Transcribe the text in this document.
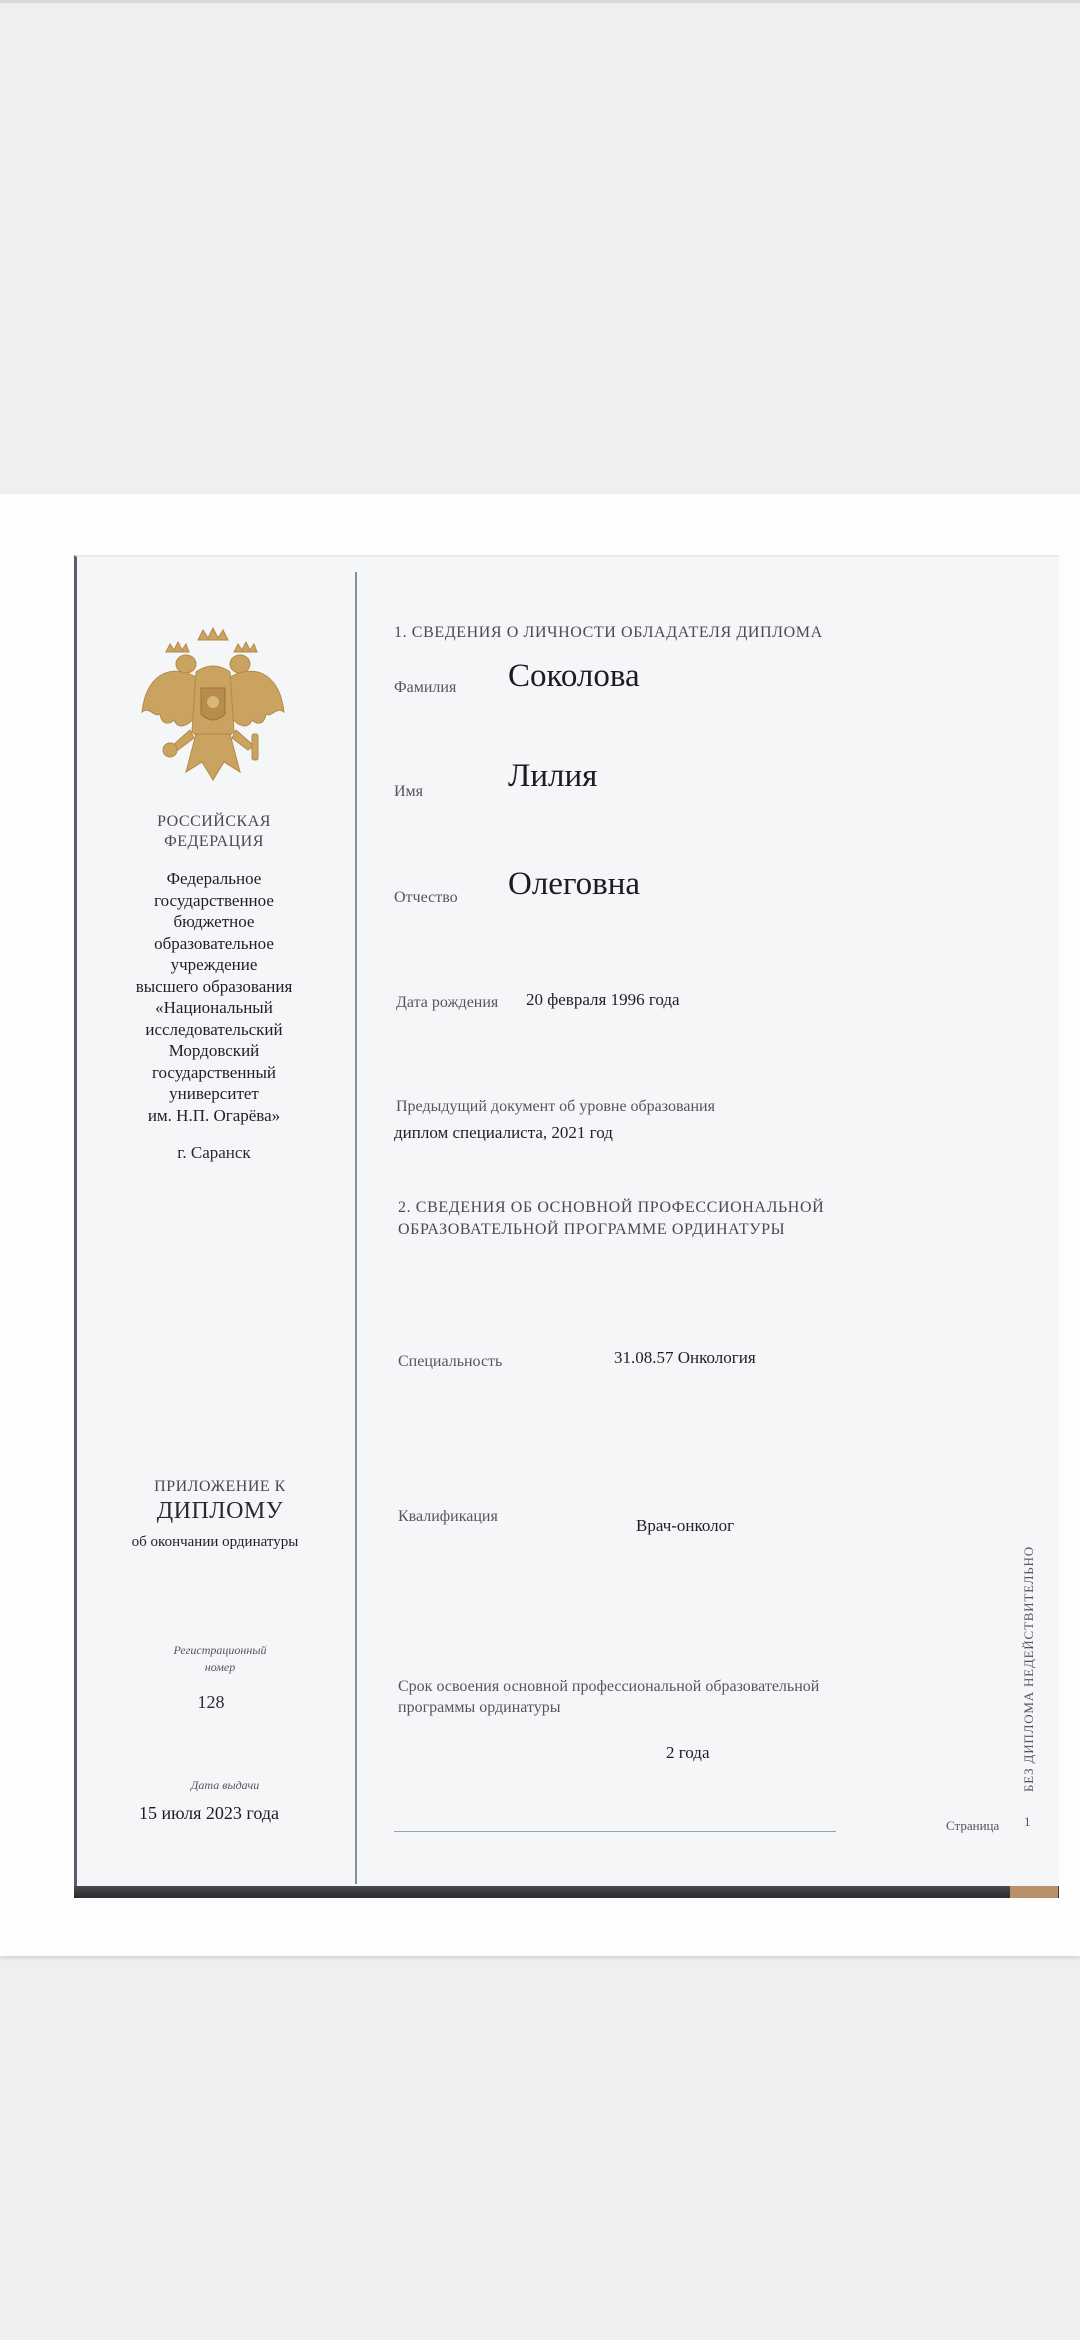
РОССИЙСКАЯ
ФЕДЕРАЦИЯ
Федеральное
государственное
бюджетное
образовательное
учреждение
высшего образования
«Национальный
исследовательский
Мордовский
государственный
университет
им. Н.П. Огарёва»
г. Саранск
ПРИЛОЖЕНИЕ К
ДИПЛОМУ
об окончании ординатуры
Регистрационный
номер
128
Дата выдачи
15 июля 2023 года
1. СВЕДЕНИЯ О ЛИЧНОСТИ ОБЛАДАТЕЛЯ ДИПЛОМА
Фамилия Соколова
Имя	Лилия
Отчество Олеговна
Дата рождения 20 февраля 1996 года
Предыдущий документ об уровне образования
диплом специалиста, 2021 год
2. СВЕДЕНИЯ ОБ ОСНОВНОЙ ПРОФЕССИОНАЛЬНОЙ
ОБРАЗОВАТЕЛЬНОЙ ПРОГРАММЕ ОРДИНАТУРЫ
Специальность	31.08.57 Онкология
Квалификация	Врач-онколог
Срок освоения основной профессиональной образовательной
программы ординатуры
2 года
Страница 1
БЕЗ ДИПЛОМА НЕДЕЙСТВИТЕЛЬНО
